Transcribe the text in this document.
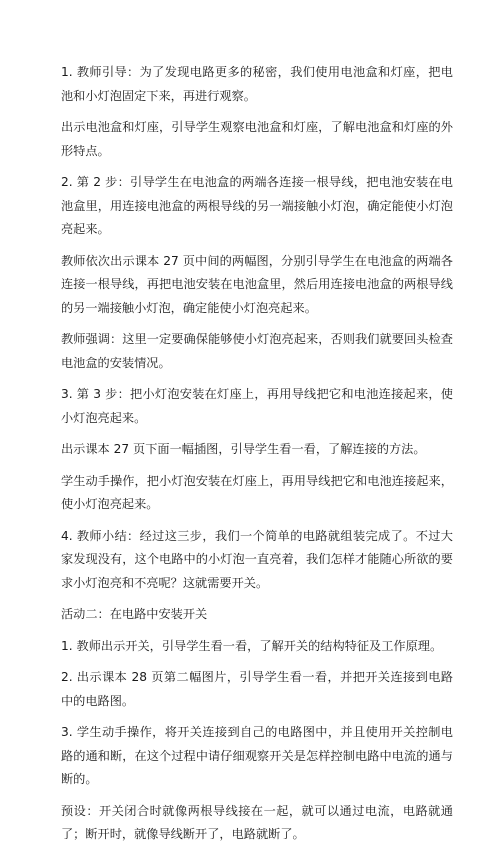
1. 教师引导：为了发现电路更多的秘密，我们使用电池盒和灯座，把电池和小灯泡固定下来，再进行观察。

出示电池盒和灯座，引导学生观察电池盒和灯座，了解电池盒和灯座的外形特点。

2. 第 2 步：引导学生在电池盒的两端各连接一根导线，把电池安装在电池盒里，用连接电池盒的两根导线的另一端接触小灯泡，确定能使小灯泡亮起来。

教师依次出示课本 27 页中间的两幅图，分别引导学生在电池盒的两端各连接一根导线，再把电池安装在电池盒里，然后用连接电池盒的两根导线的另一端接触小灯泡，确定能使小灯泡亮起来。

教师强调：这里一定要确保能够使小灯泡亮起来，否则我们就要回头检查电池盒的安装情况。

3. 第 3 步：把小灯泡安装在灯座上，再用导线把它和电池连接起来，使小灯泡亮起来。

出示课本 27 页下面一幅插图，引导学生看一看，了解连接的方法。

学生动手操作，把小灯泡安装在灯座上，再用导线把它和电池连接起来，使小灯泡亮起来。

4. 教师小结：经过这三步，我们一个简单的电路就组装完成了。不过大家发现没有，这个电路中的小灯泡一直亮着，我们怎样才能随心所欲的要求小灯泡亮和不亮呢？这就需要开关。

活动二：在电路中安装开关

1. 教师出示开关，引导学生看一看，了解开关的结构特征及工作原理。

2. 出示课本 28 页第二幅图片，引导学生看一看，并把开关连接到电路中的电路图。

3. 学生动手操作，将开关连接到自己的电路图中，并且使用开关控制电路的通和断，在这个过程中请仔细观察开关是怎样控制电路中电流的通与断的。

预设：开关闭合时就像两根导线接在一起，就可以通过电流，电路就通了；断开时，就像导线断开了，电路就断了。
